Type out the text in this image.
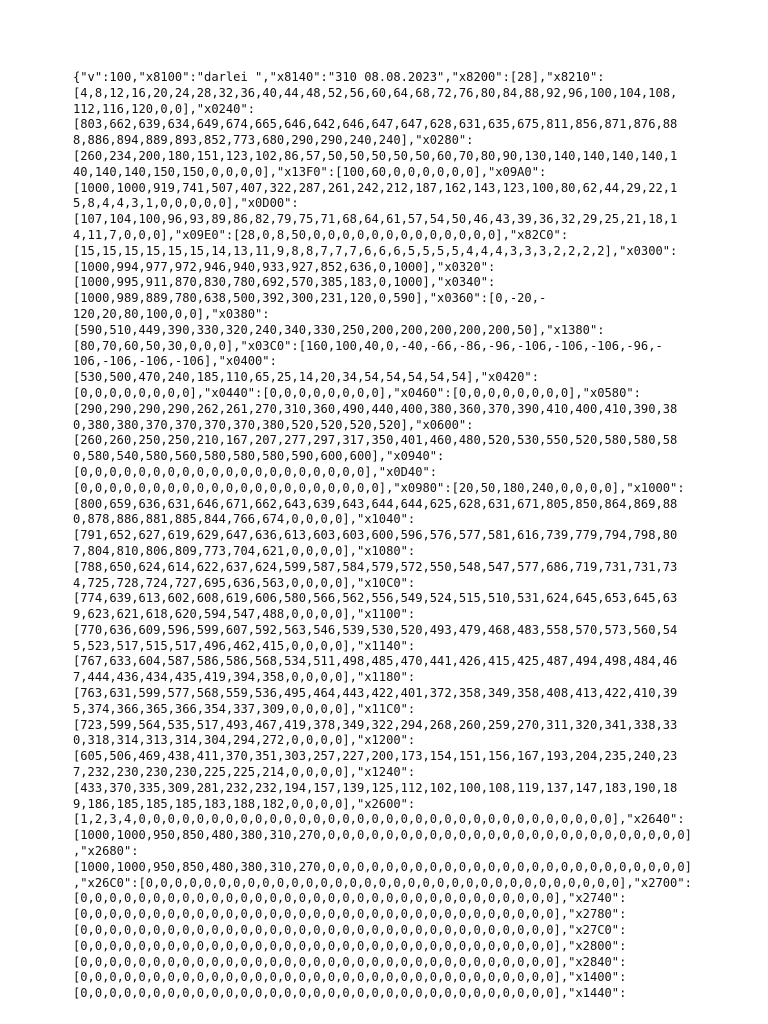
{"v":100,"x8100":"darlei ","x8140":"310 08.08.2023","x8200":[28],"x8210":
[4,8,12,16,20,24,28,32,36,40,44,48,52,56,60,64,68,72,76,80,84,88,92,96,100,104,108,
112,116,120,0,0],"x0240":
[803,662,639,634,649,674,665,646,642,646,647,647,628,631,635,675,811,856,871,876,88
8,886,894,889,893,852,773,680,290,290,240,240],"x0280":
[260,234,200,180,151,123,102,86,57,50,50,50,50,50,60,70,80,90,130,140,140,140,140,1
40,140,140,150,150,0,0,0,0],"x13F0":[100,60,0,0,0,0,0,0],"x09A0":
[1000,1000,919,741,507,407,322,287,261,242,212,187,162,143,123,100,80,62,44,29,22,1
5,8,4,4,3,1,0,0,0,0,0],"x0D00":
[107,104,100,96,93,89,86,82,79,75,71,68,64,61,57,54,50,46,43,39,36,32,29,25,21,18,1
4,11,7,0,0,0],"x09E0":[28,0,8,50,0,0,0,0,0,0,0,0,0,0,0,0,0],"x82C0":
[15,15,15,15,15,15,14,13,11,9,8,8,7,7,7,6,6,6,5,5,5,5,4,4,4,3,3,3,2,2,2,2],"x0300":
[1000,994,977,972,946,940,933,927,852,636,0,1000],"x0320":
[1000,995,911,870,830,780,692,570,385,183,0,1000],"x0340":
[1000,989,889,780,638,500,392,300,231,120,0,590],"x0360":[0,-20,-
120,20,80,100,0,0],"x0380":
[590,510,449,390,330,320,240,340,330,250,200,200,200,200,200,50],"x1380":
[80,70,60,50,30,0,0,0],"x03C0":[160,100,40,0,-40,-66,-86,-96,-106,-106,-106,-96,-
106,-106,-106,-106],"x0400":
[530,500,470,240,185,110,65,25,14,20,34,54,54,54,54,54],"x0420":
[0,0,0,0,0,0,0,0],"x0440":[0,0,0,0,0,0,0,0],"x0460":[0,0,0,0,0,0,0,0],"x0580":
[290,290,290,290,262,261,270,310,360,490,440,400,380,360,370,390,410,400,410,390,38
0,380,380,370,370,370,370,380,520,520,520,520],"x0600":
[260,260,250,250,210,167,207,277,297,317,350,401,460,480,520,530,550,520,580,580,58
0,580,540,580,560,580,580,580,590,600,600],"x0940":
[0,0,0,0,0,0,0,0,0,0,0,0,0,0,0,0,0,0,0,0],"x0D40":
[0,0,0,0,0,0,0,0,0,0,0,0,0,0,0,0,0,0,0,0,0],"x0980":[20,50,180,240,0,0,0,0],"x1000":
[800,659,636,631,646,671,662,643,639,643,644,644,625,628,631,671,805,850,864,869,88
0,878,886,881,885,844,766,674,0,0,0,0],"x1040":
[791,652,627,619,629,647,636,613,603,603,600,596,576,577,581,616,739,779,794,798,80
7,804,810,806,809,773,704,621,0,0,0,0],"x1080":
[788,650,624,614,622,637,624,599,587,584,579,572,550,548,547,577,686,719,731,731,73
4,725,728,724,727,695,636,563,0,0,0,0],"x10C0":
[774,639,613,602,608,619,606,580,566,562,556,549,524,515,510,531,624,645,653,645,63
9,623,621,618,620,594,547,488,0,0,0,0],"x1100":
[770,636,609,596,599,607,592,563,546,539,530,520,493,479,468,483,558,570,573,560,54
5,523,517,515,517,496,462,415,0,0,0,0],"x1140":
[767,633,604,587,586,586,568,534,511,498,485,470,441,426,415,425,487,494,498,484,46
7,444,436,434,435,419,394,358,0,0,0,0],"x1180":
[763,631,599,577,568,559,536,495,464,443,422,401,372,358,349,358,408,413,422,410,39
5,374,366,365,366,354,337,309,0,0,0,0],"x11C0":
[723,599,564,535,517,493,467,419,378,349,322,294,268,260,259,270,311,320,341,338,33
0,318,314,313,314,304,294,272,0,0,0,0],"x1200":
[605,506,469,438,411,370,351,303,257,227,200,173,154,151,156,167,193,204,235,240,23
7,232,230,230,230,225,225,214,0,0,0,0],"x1240":
[433,370,335,309,281,232,232,194,157,139,125,112,102,100,108,119,137,147,183,190,18
9,186,185,185,185,183,188,182,0,0,0,0],"x2600":
[1,2,3,4,0,0,0,0,0,0,0,0,0,0,0,0,0,0,0,0,0,0,0,0,0,0,0,0,0,0,0,0,0,0,0,0,0],"x2640":
[1000,1000,950,850,480,380,310,270,0,0,0,0,0,0,0,0,0,0,0,0,0,0,0,0,0,0,0,0,0,0,0,0,0]
,"x2680":
[1000,1000,950,850,480,380,310,270,0,0,0,0,0,0,0,0,0,0,0,0,0,0,0,0,0,0,0,0,0,0,0,0,0]
,"x26C0":[0,0,0,0,0,0,0,0,0,0,0,0,0,0,0,0,0,0,0,0,0,0,0,0,0,0,0,0,0,0,0,0,0],"x2700":
[0,0,0,0,0,0,0,0,0,0,0,0,0,0,0,0,0,0,0,0,0,0,0,0,0,0,0,0,0,0,0,0,0],"x2740":
[0,0,0,0,0,0,0,0,0,0,0,0,0,0,0,0,0,0,0,0,0,0,0,0,0,0,0,0,0,0,0,0,0],"x2780":
[0,0,0,0,0,0,0,0,0,0,0,0,0,0,0,0,0,0,0,0,0,0,0,0,0,0,0,0,0,0,0,0,0],"x27C0":
[0,0,0,0,0,0,0,0,0,0,0,0,0,0,0,0,0,0,0,0,0,0,0,0,0,0,0,0,0,0,0,0,0],"x2800":
[0,0,0,0,0,0,0,0,0,0,0,0,0,0,0,0,0,0,0,0,0,0,0,0,0,0,0,0,0,0,0,0,0],"x2840":
[0,0,0,0,0,0,0,0,0,0,0,0,0,0,0,0,0,0,0,0,0,0,0,0,0,0,0,0,0,0,0,0,0],"x1400":
[0,0,0,0,0,0,0,0,0,0,0,0,0,0,0,0,0,0,0,0,0,0,0,0,0,0,0,0,0,0,0,0,0],"x1440":
